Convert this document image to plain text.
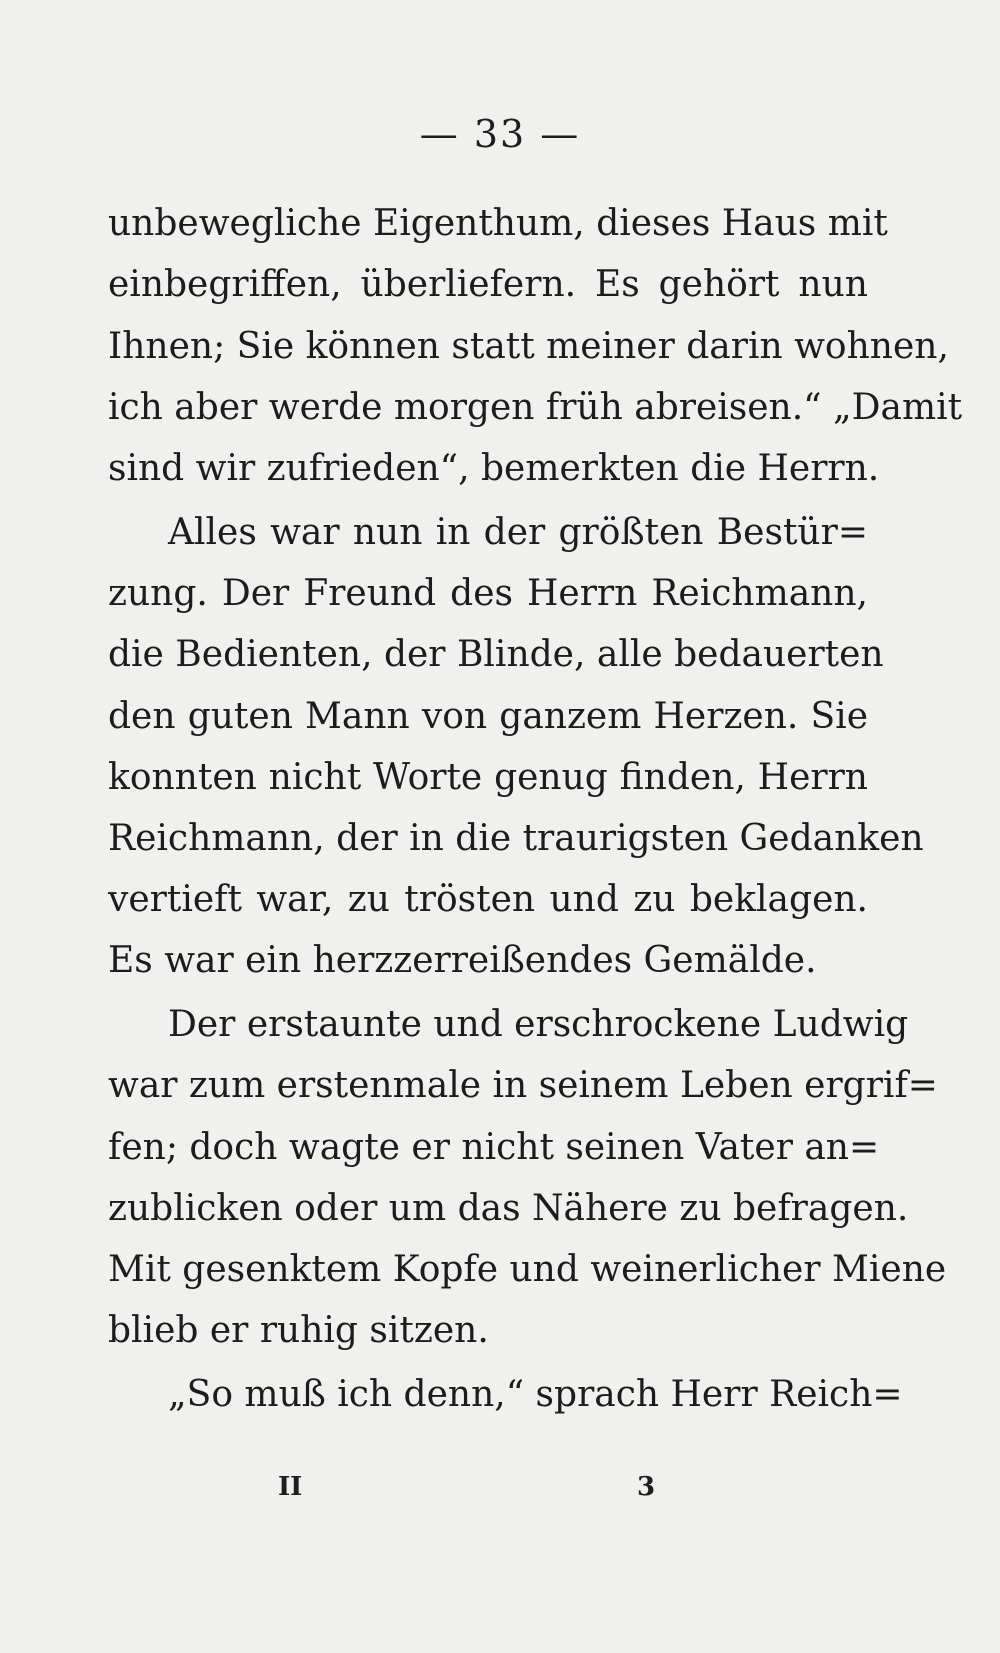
— 33 —
unbewegliche Eigenthum, dieses Haus mit
einbegriffen, überliefern. Es gehört nun
Ihnen; Sie können statt meiner darin wohnen,
ich aber werde morgen früh abreisen.“ „Damit
sind wir zufrieden“, bemerkten die Herrn.
Alles war nun in der größten Bestür=
zung. Der Freund des Herrn Reichmann,
die Bedienten, der Blinde, alle bedauerten
den guten Mann von ganzem Herzen. Sie
konnten nicht Worte genug finden, Herrn
Reichmann, der in die traurigsten Gedanken
vertieft war, zu trösten und zu beklagen.
Es war ein herzzerreißendes Gemälde.
Der erstaunte und erschrockene Ludwig
war zum erstenmale in seinem Leben ergrif=
fen; doch wagte er nicht seinen Vater an=
zublicken oder um das Nähere zu befragen.
Mit gesenktem Kopfe und weinerlicher Miene
blieb er ruhig sitzen.
„So muß ich denn,“ sprach Herr Reich=
II	3
